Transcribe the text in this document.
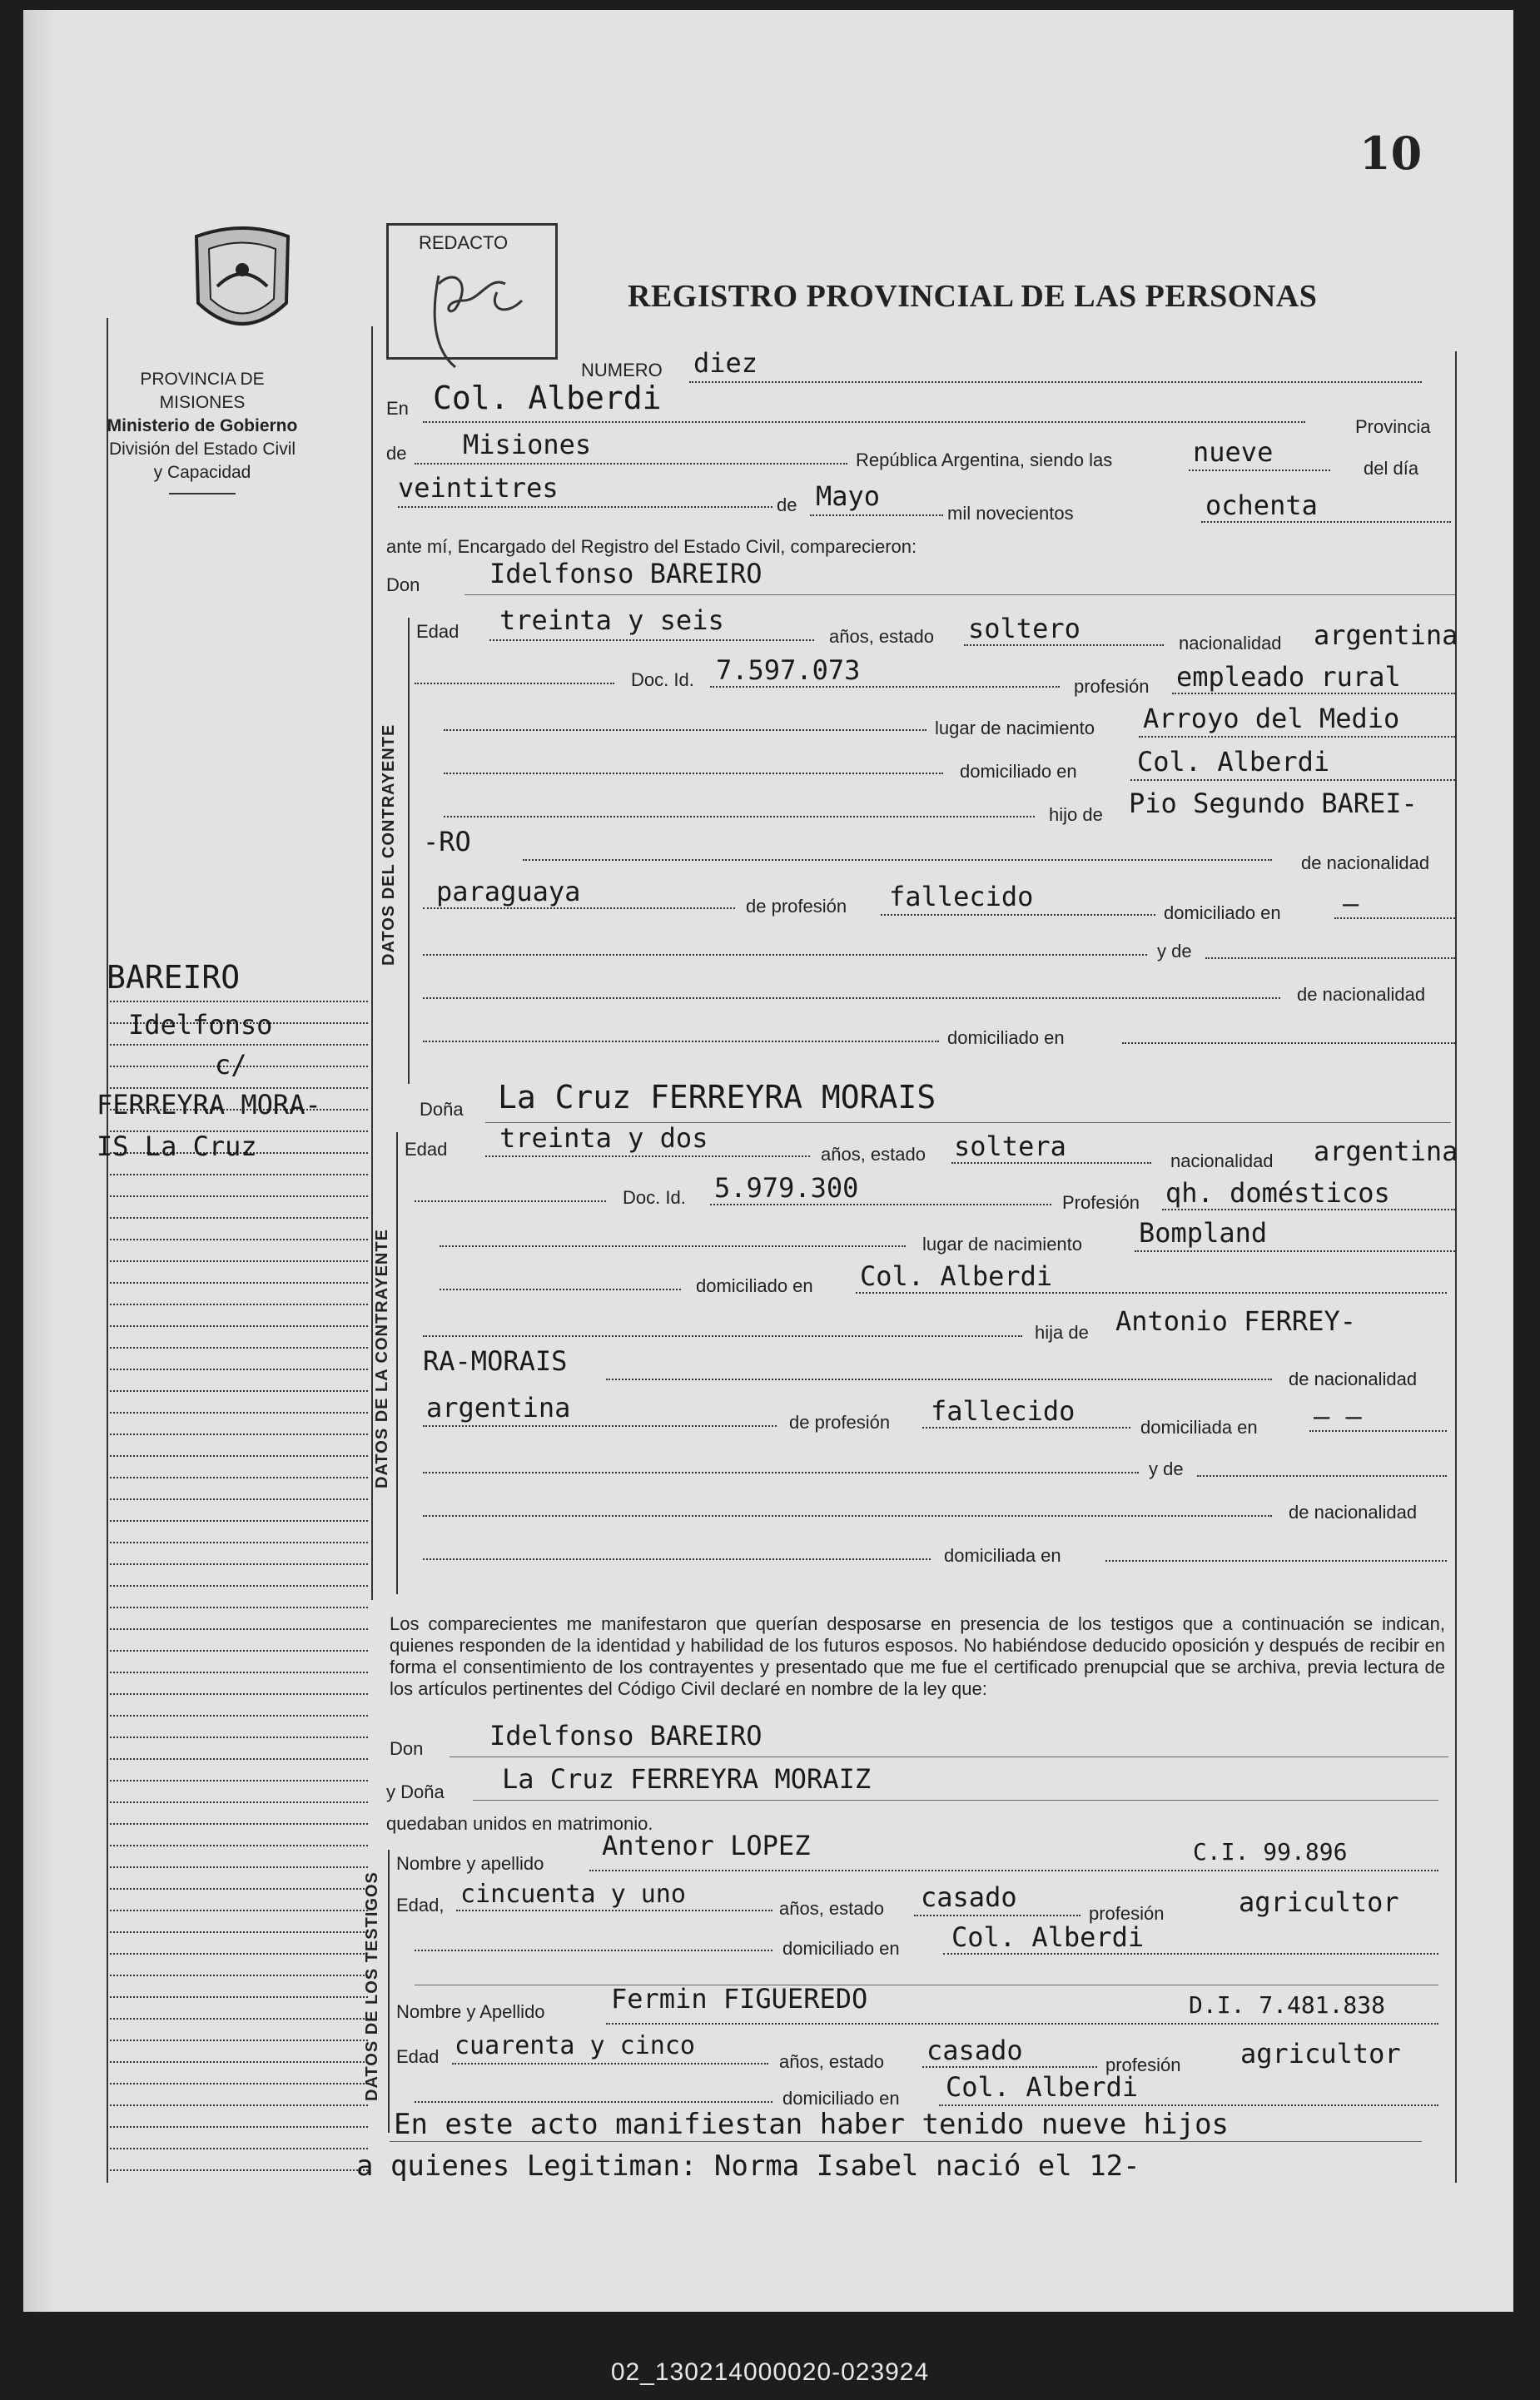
10
REDACTO
REGISTRO PROVINCIAL DE LAS PERSONAS
PROVINCIA DE MISIONES
Ministerio de Gobierno
División del Estado Civil
y Capacidad
BAREIRO
Idelfonso
c/
FERREYRA MORA-
IS La Cruz
DATOS DEL CONTRAYENTE
DATOS DE LA CONTRAYENTE
DATOS DE LOS TESTIGOS
NUMERO diez
En Col. Alberdi
Provincia
de Misiones	República Argentina, siendo las	nueve
del día
veintitres
de Mayo
mil novecientos	ochenta
ante mí, Encargado del Registro del Estado Civil, comparecieron:
Don	Idelfonso BAREIRO
Edad treinta y seis
años, estado soltero	nacionalidad argentina
Doc. Id. 7.597.073
profesión empleado rural
lugar de nacimiento Arroyo del Medio
domiciliado en Col. Alberdi
hijo de Pio Segundo BAREI-
-RO
de nacionalidad
paraguaya	de profesión fallecido
domiciliado en —
y de
de nacionalidad
domiciliado en
Doña La Cruz FERREYRA MORAIS
Edad treinta y dos
años, estado soltera	nacionalidad argentina
Doc. Id. 5.979.300	Profesión qh. domésticos
lugar de nacimiento Bompland
domiciliado en Col. Alberdi
hija de Antonio FERREY-
RA-MORAIS
de nacionalidad
argentina	de profesión fallecido
domiciliada en – –
y de
de nacionalidad
domiciliada en
Los comparecientes me manifestaron que querían desposarse en presencia de los testigos que a continuación se indican, quienes responden de la identidad y habilidad de los futuros esposos. No habiéndose deducido oposición y después de recibir en forma el consentimiento de los contrayentes y presentado que me fue el certificado prenupcial que se archiva, previa lectura de los artículos pertinentes del Código Civil declaré en nombre de la ley que:
Don Idelfonso BAREIRO
y Doña La Cruz FERREYRA MORAIZ
quedaban unidos en matrimonio.
Nombre y apellido
Antenor LOPEZ	C.I. 99.896
Edad, cincuenta y uno	años, estado casado
profesión	agricultor
domiciliado en Col. Alberdi
Nombre y Apellido Fermin FIGUEREDO	D.I. 7.481.838
Edad cuarenta y cinco
años, estado casado	profesión agricultor
domiciliado en Col. Alberdi
En este acto manifiestan haber tenido nueve hijos
a quienes Legitiman: Norma Isabel nació el 12-
02_130214000020-023924
